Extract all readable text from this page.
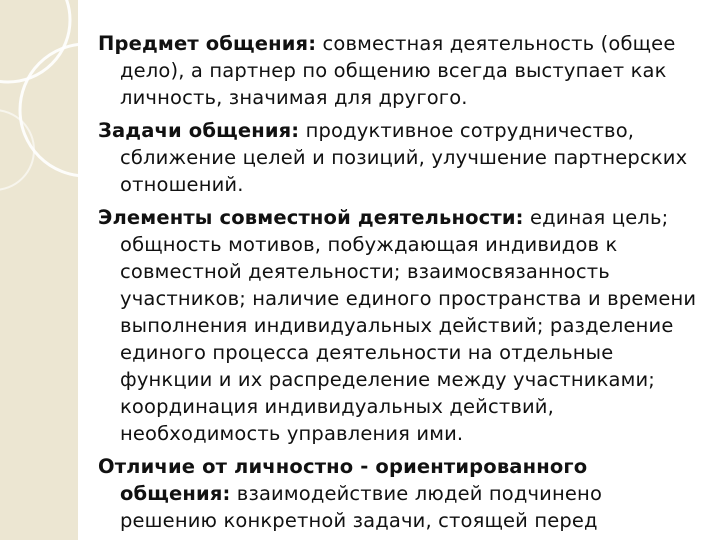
Предмет общения: совместная деятельность (общее дело), а партнер по общению всегда выступает как личность, значимая для другого.

Задачи общения: продуктивное сотрудничество, сближение целей и позиций, улучшение партнерских отношений.

Элементы совместной деятельности: единая цель; общность мотивов, побуждающая индивидов к совместной деятельности; взаимосвязанность участников; наличие единого пространства и времени выполнения индивидуальных действий; разделение единого процесса деятельности на отдельные функции и их распределение между участниками; координация индивидуальных действий, необходимость управления ими.

Отличие от личностно - ориентированного общения: взаимодействие людей подчинено решению конкретной задачи, стоящей перед
